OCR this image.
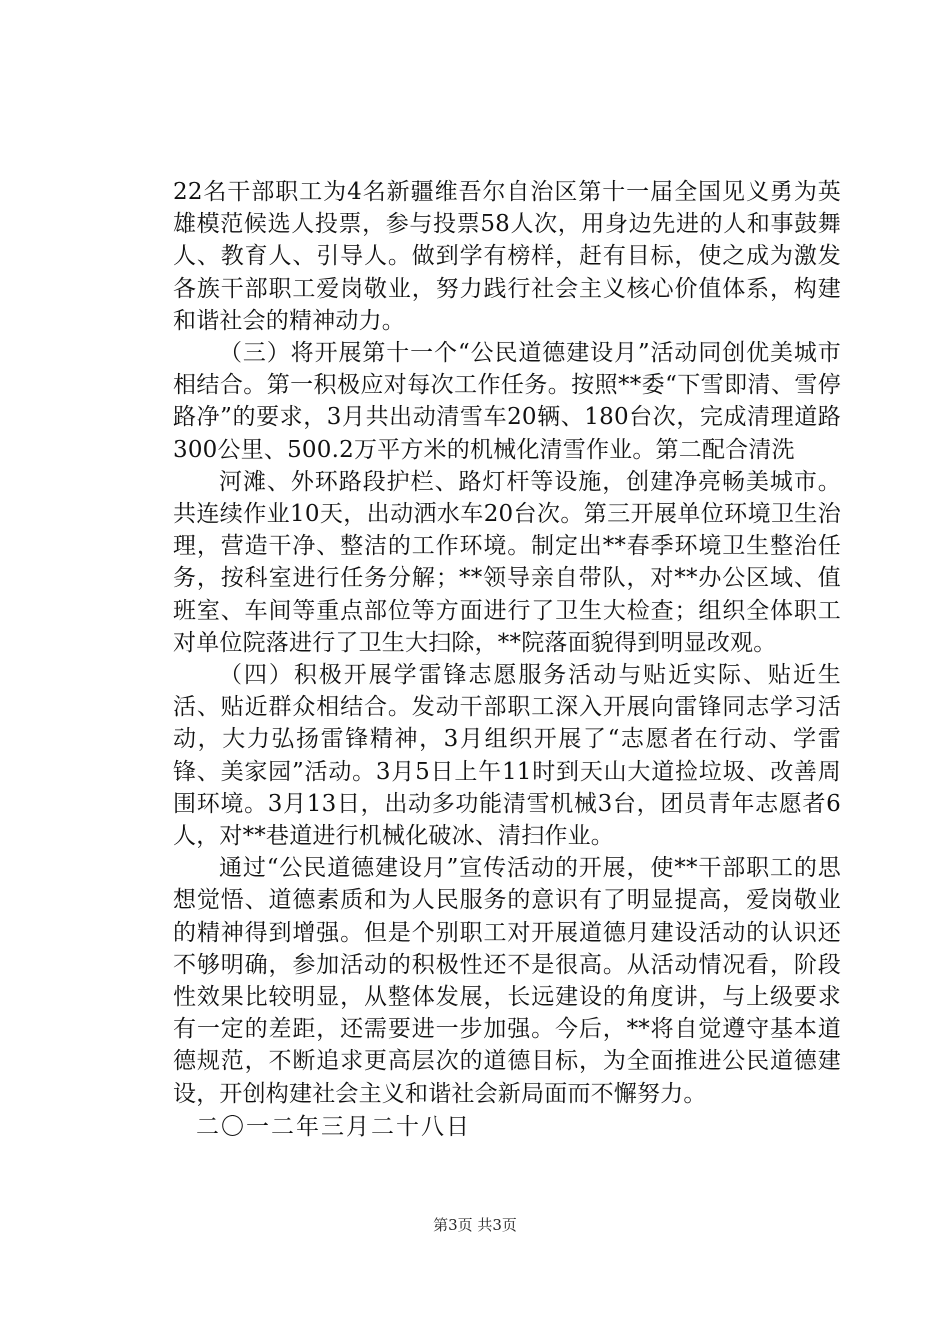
22名干部职工为4名新疆维吾尔自治区第十一届全国见义勇为英雄模范候选人投票，参与投票58人次，用身边先进的人和事鼓舞人、教育人、引导人。做到学有榜样，赶有目标，使之成为激发各族干部职工爱岗敬业，努力践行社会主义核心价值体系，构建和谐社会的精神动力。

（三）将开展第十一个“公民道德建设月”活动同创优美城市相结合。第一积极应对每次工作任务。按照**委“下雪即清、雪停路净”的要求，3月共出动清雪车20辆、180台次，完成清理道路300公里、500.2万平方米的机械化清雪作业。第二配合清洗

河滩、外环路段护栏、路灯杆等设施，创建净亮畅美城市。共连续作业10天，出动洒水车20台次。第三开展单位环境卫生治理，营造干净、整洁的工作环境。制定出**春季环境卫生整治任务，按科室进行任务分解；**领导亲自带队，对**办公区域、值班室、车间等重点部位等方面进行了卫生大检查；组织全体职工对单位院落进行了卫生大扫除，**院落面貌得到明显改观。

（四）积极开展学雷锋志愿服务活动与贴近实际、贴近生活、贴近群众相结合。发动干部职工深入开展向雷锋同志学习活动，大力弘扬雷锋精神，3月组织开展了“志愿者在行动、学雷锋、美家园”活动。3月5日上午11时到天山大道捡垃圾、改善周围环境。3月13日，出动多功能清雪机械3台，团员青年志愿者6人，对**巷道进行机械化破冰、清扫作业。

通过“公民道德建设月”宣传活动的开展，使**干部职工的思想觉悟、道德素质和为人民服务的意识有了明显提高，爱岗敬业的精神得到增强。但是个别职工对开展道德月建设活动的认识还不够明确，参加活动的积极性还不是很高。从活动情况看，阶段性效果比较明显，从整体发展，长远建设的角度讲，与上级要求有一定的差距，还需要进一步加强。今后，**将自觉遵守基本道德规范，不断追求更高层次的道德目标，为全面推进公民道德建设，开创构建社会主义和谐社会新局面而不懈努力。

二〇一二年三月二十八日

第3页 共3页
